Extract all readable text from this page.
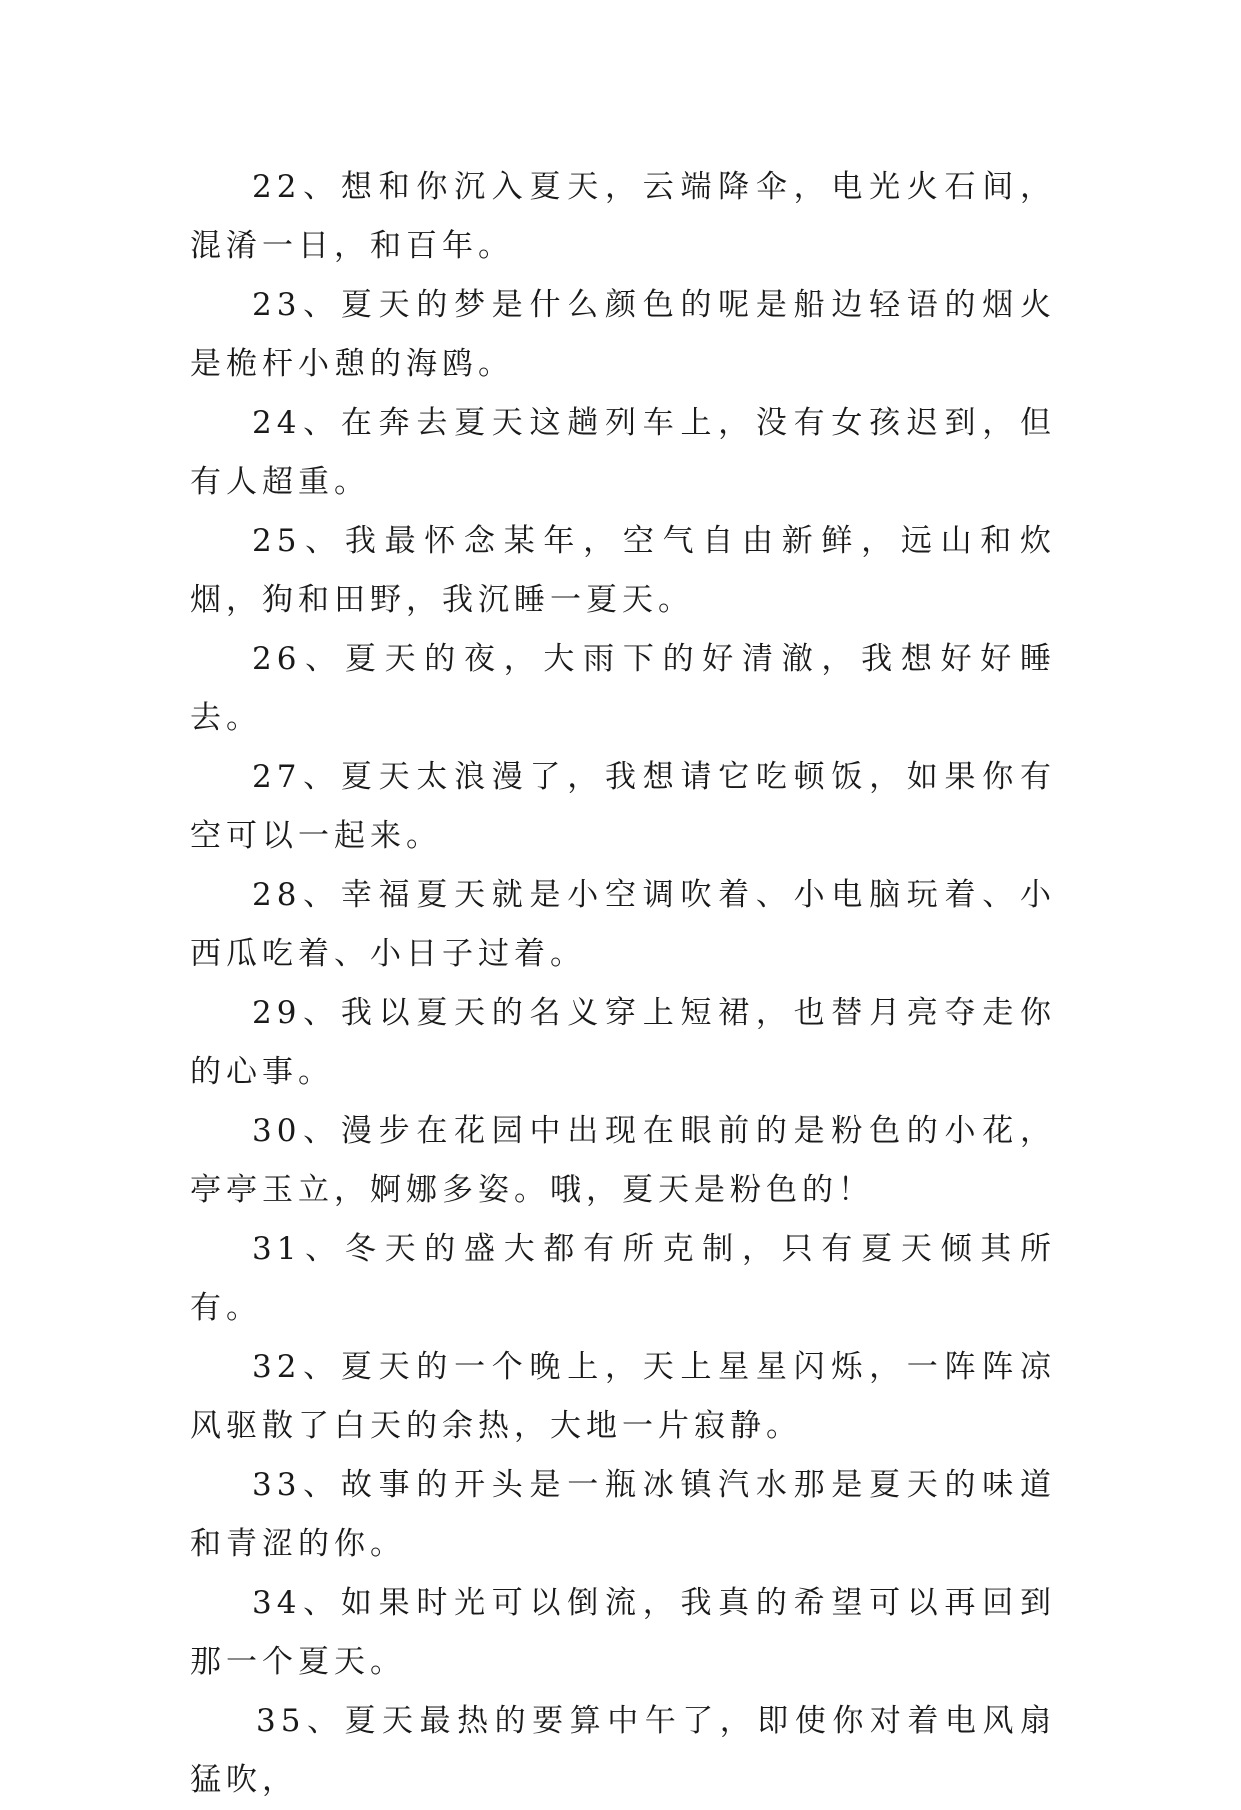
22、想和你沉入夏天，云端降伞，电光火石间，混淆一日，和百年。

23、夏天的梦是什么颜色的呢是船边轻语的烟火是桅杆小憩的海鸥。

24、在奔去夏天这趟列车上，没有女孩迟到，但有人超重。

25、我最怀念某年，空气自由新鲜，远山和炊烟，狗和田野，我沉睡一夏天。

26、夏天的夜，大雨下的好清澈，我想好好睡去。

27、夏天太浪漫了，我想请它吃顿饭，如果你有空可以一起来。

28、幸福夏天就是小空调吹着、小电脑玩着、小西瓜吃着、小日子过着。

29、我以夏天的名义穿上短裙，也替月亮夺走你的心事。

30、漫步在花园中出现在眼前的是粉色的小花，亭亭玉立，婀娜多姿。哦，夏天是粉色的！

31、冬天的盛大都有所克制，只有夏天倾其所有。

32、夏天的一个晚上，天上星星闪烁，一阵阵凉风驱散了白天的余热，大地一片寂静。

33、故事的开头是一瓶冰镇汽水那是夏天的味道和青涩的你。

34、如果时光可以倒流，我真的希望可以再回到那一个夏天。

35、夏天最热的要算中午了，即使你对着电风扇猛吹，
